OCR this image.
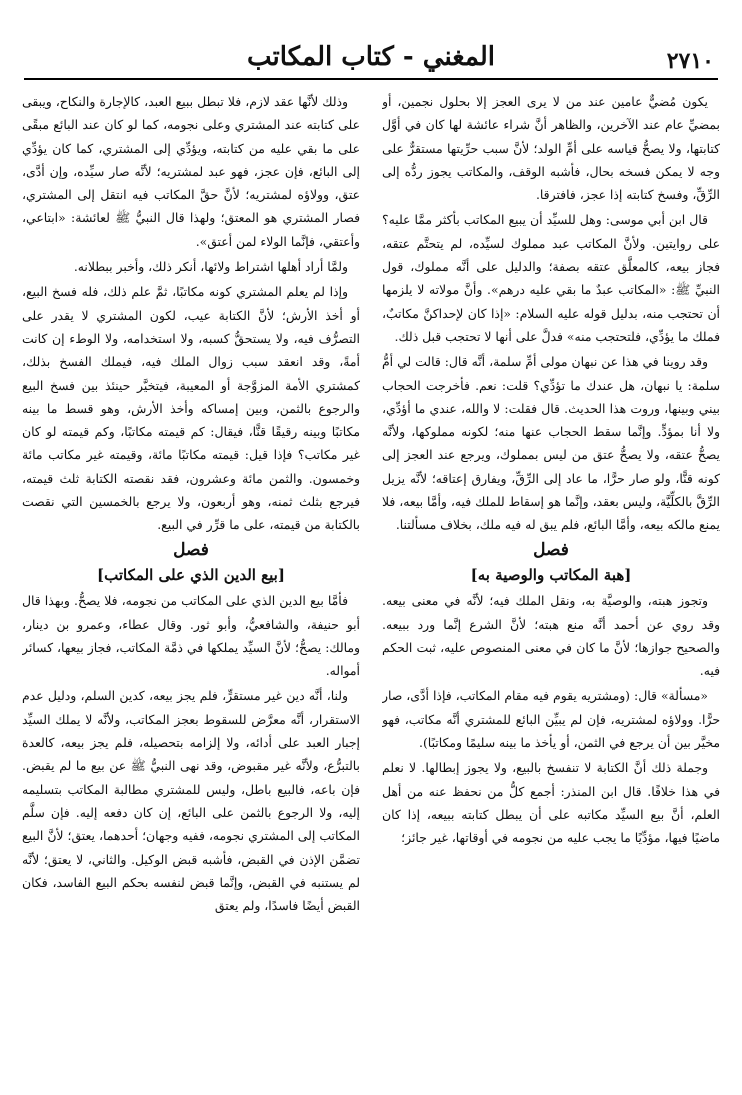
٢٧١٠
المغني - كتاب المكاتب

يكون مُضيٌّ عامين عند من لا يرى العجز إلا بحلول نجمين، أو بمضيِّ عام عند الآخرين، والظاهر أنَّ شراء عائشة لها كان في أوَّل كتابتها، ولا يصحُّ قياسه على أمِّ الولد؛ لأنَّ سبب حرِّيتها مستقرٌّ على وجه لا يمكن فسخه بحال، فأشبه الوقف، والمكاتب يجوز ردُّه إلى الرِّقِّ، وفسخ كتابته إذا عجز، فافترقا.

قال ابن أبي موسى: وهل للسيِّد أن يبيع المكاتب بأكثر ممَّا عليه؟ على روايتين. ولأنَّ المكاتب عبد مملوك لسيِّده، لم يتحتَّم عتقه، فجاز بيعه، كالمعلَّق عتقه بصفة؛ والدليل على أنَّه مملوك، قول النبيِّ ﷺ: «المكاتب عبدٌ ما بقي عليه درهم». وأنَّ مولاته لا يلزمها أن تحتجب منه، بدليل قوله عليه السلام: «إذا كان لإحداكنَّ مكاتبٌ، فملك ما يؤدِّي، فلتحتجب منه» فدلَّ على أنها لا تحتجب قبل ذلك.

وقد روينا في هذا عن نبهان مولى أمِّ سلمة، أنَّه قال: قالت لي أمُّ سلمة: يا نبهان، هل عندك ما تؤدِّي؟ قلت: نعم. فأخرجت الحجاب بيني وبينها، وروت هذا الحديث. قال فقلت: لا والله، عندي ما أؤدِّي، ولا أنا بمؤدٍّ. وإنَّما سقط الحجاب عنها منه؛ لكونه مملوكها، ولأنَّه يصحُّ عتقه، ولا يصحُّ عتق من ليس بمملوك، ويرجع عند العجز إلى كونه قنًّا، ولو صار حرًّا، ما عاد إلى الرِّقِّ، ويفارق إعتاقه؛ لأنَّه يزيل الرِّقَّ بالكلِّيَّة، وليس بعقد، وإنَّما هو إسقاط للملك فيه، وأمَّا بيعه، فلا يمنع مالكه بيعه، وأمَّا البائع، فلم يبق له فيه ملك، بخلاف مسألتنا.

فصل

[هبة المكاتب والوصية به]

وتجوز هبته، والوصيَّة به، ونقل الملك فيه؛ لأنَّه في معنى بيعه. وقد روي عن أحمد أنَّه منع هبته؛ لأنَّ الشرع إنَّما ورد ببيعه. والصحيح جوازها؛ لأنَّ ما كان في معنى المنصوص عليه، ثبت الحكم فيه.

«مسألة» قال: (ومشتريه يقوم فيه مقام المكاتب، فإذا أدَّى، صار حرًّا. وولاؤه لمشتريه، فإن لم يبيِّن البائع للمشتري أنَّه مكاتب، فهو مخيَّر بين أن يرجع في الثمن، أو يأخذ ما بينه سليمًا ومكاتبًا).

وجملة ذلك أنَّ الكتابة لا تنفسخ بالبيع، ولا يجوز إبطالها. لا نعلم في هذا خلافًا. قال ابن المنذر: أجمع كلُّ من نحفظ عنه من أهل العلم، أنَّ بيع السيِّد مكاتبه على أن يبطل كتابته ببيعه، إذا كان ماضيًا فيها، مؤدِّيًا ما يجب عليه من نجومه في أوقاتها، غير جائز؛

وذلك لأنَّها عقد لازم، فلا تبطل ببيع العبد، كالإجارة والنكاح، ويبقى على كتابته عند المشتري وعلى نجومه، كما لو كان عند البائع مبقًى على ما بقي عليه من كتابته، ويؤدِّي إلى المشتري، كما كان يؤدِّي إلى البائع، فإن عجز، فهو عبد لمشتريه؛ لأنَّه صار سيِّده، وإن أدَّى، عتق، وولاؤه لمشتريه؛ لأنَّ حقَّ المكاتب فيه انتقل إلى المشتري، فصار المشتري هو المعتق؛ ولهذا قال النبيُّ ﷺ لعائشة: «ابتاعي، وأعتقي، فإنَّما الولاء لمن أعتق».

ولمَّا أراد أهلها اشتراط ولائها، أنكر ذلك، وأخبر ببطلانه.

وإذا لم يعلم المشتري كونه مكاتبًا، ثمَّ علم ذلك، فله فسخ البيع، أو أخذ الأرش؛ لأنَّ الكتابة عيب، لكون المشتري لا يقدر على التصرُّف فيه، ولا يستحقُّ كسبه، ولا استخدامه، ولا الوطء إن كانت أمةً، وقد انعقد سبب زوال الملك فيه، فيملك الفسخ بذلك، كمشتري الأمة المزوَّجة أو المعيبة، فيتخيَّر حينئذ بين فسخ البيع والرجوع بالثمن، وبين إمساكه وأخذ الأرش، وهو قسط ما بينه مكاتبًا وبينه رقيقًا قنًّا، فيقال: كم قيمته مكاتبًا، وكم قيمته لو كان غير مكاتب؟ فإذا قيل: قيمته مكاتبًا مائة، وقيمته غير مكاتب مائة وخمسون. والثمن مائة وعشرون، فقد نقصته الكتابة ثلث قيمته، فيرجع بثلث ثمنه، وهو أربعون، ولا يرجع بالخمسين التي نقصت بالكتابة من قيمته، على ما قرِّر في البيع.

فصل

[بيع الدين الذي على المكاتب]

فأمَّا بيع الدين الذي على المكاتب من نجومه، فلا يصحُّ. وبهذا قال أبو حنيفة، والشافعيُّ، وأبو ثور. وقال عطاء، وعمرو بن دينار، ومالك: يصحُّ؛ لأنَّ السيِّد يملكها في ذمَّة المكاتب، فجاز بيعها، كسائر أمواله.

ولنا، أنَّه دين غير مستقرٍّ، فلم يجز بيعه، كدين السلم، ودليل عدم الاستقرار، أنَّه معرَّض للسقوط بعجز المكاتب، ولأنَّه لا يملك السيِّد إجبار العبد على أدائه، ولا إلزامه بتحصيله، فلم يجز بيعه، كالعدة بالتبرُّع، ولأنَّه غير مقبوض، وقد نهى النبيُّ ﷺ عن بيع ما لم يقبض. فإن باعه، فالبيع باطل، وليس للمشتري مطالبة المكاتب بتسليمه إليه، ولا الرجوع بالثمن على البائع، إن كان دفعه إليه. فإن سلَّم المكاتب إلى المشتري نجومه، ففيه وجهان؛ أحدهما، يعتق؛ لأنَّ البيع تضمَّن الإذن في القبض، فأشبه قبض الوكيل. والثاني، لا يعتق؛ لأنَّه لم يستنبه في القبض، وإنَّما قبض لنفسه بحكم البيع الفاسد، فكان القبض أيضًا فاسدًا، ولم يعتق
